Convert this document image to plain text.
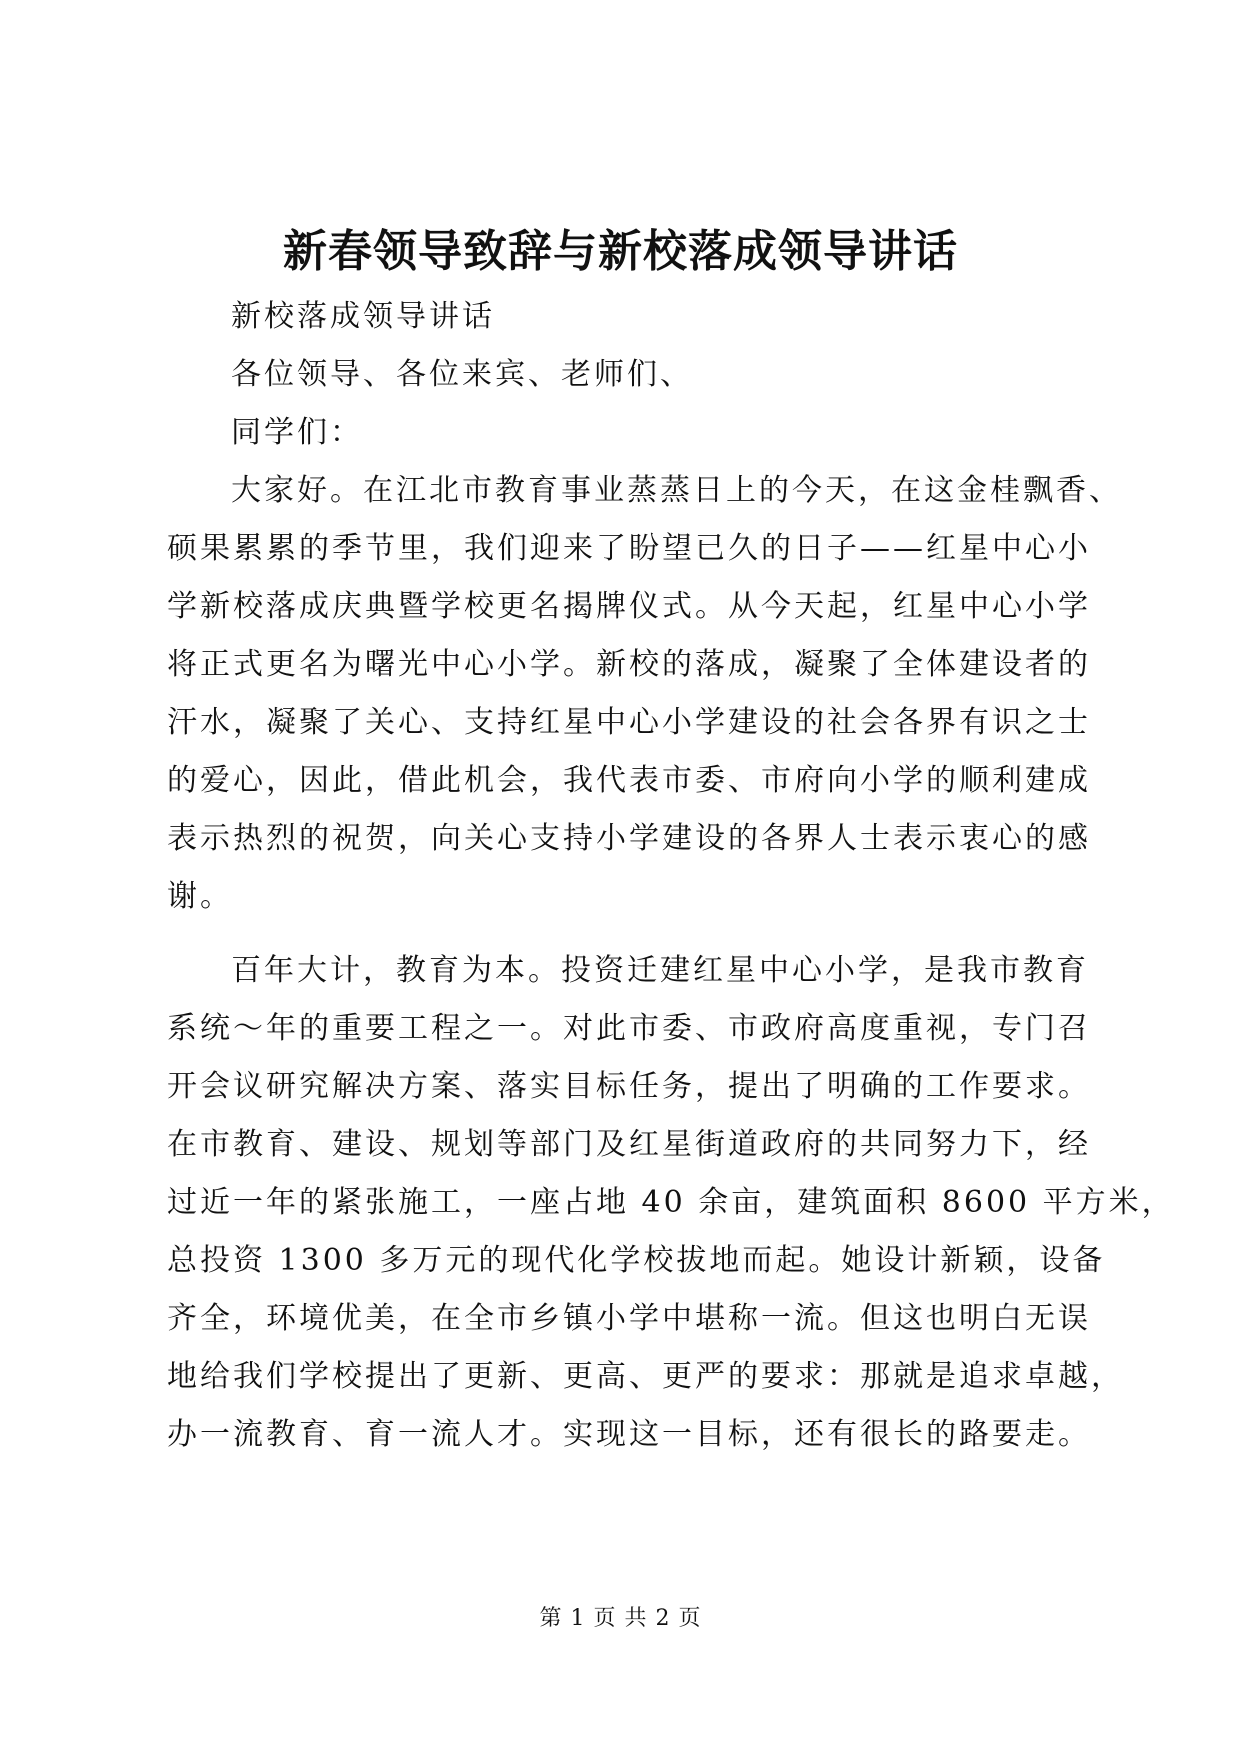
新春领导致辞与新校落成领导讲话
新校落成领导讲话
各位领导、各位来宾、老师们、
同学们：
大家好。在江北市教育事业蒸蒸日上的今天，在这金桂飘香、
硕果累累的季节里，我们迎来了盼望已久的日子——红星中心小
学新校落成庆典暨学校更名揭牌仪式。从今天起，红星中心小学
将正式更名为曙光中心小学。新校的落成，凝聚了全体建设者的
汗水，凝聚了关心、支持红星中心小学建设的社会各界有识之士
的爱心，因此，借此机会，我代表市委、市府向小学的顺利建成
表示热烈的祝贺，向关心支持小学建设的各界人士表示衷心的感
谢。
百年大计，教育为本。投资迁建红星中心小学，是我市教育
系统～年的重要工程之一。对此市委、市政府高度重视，专门召
开会议研究解决方案、落实目标任务，提出了明确的工作要求。
在市教育、建设、规划等部门及红星街道政府的共同努力下，经
过近一年的紧张施工，一座占地 40 余亩，建筑面积 8600 平方米，
总投资 1300 多万元的现代化学校拔地而起。她设计新颖，设备
齐全，环境优美，在全市乡镇小学中堪称一流。但这也明白无误
地给我们学校提出了更新、更高、更严的要求：那就是追求卓越，
办一流教育、育一流人才。实现这一目标，还有很长的路要走。
第 1 页 共 2 页
